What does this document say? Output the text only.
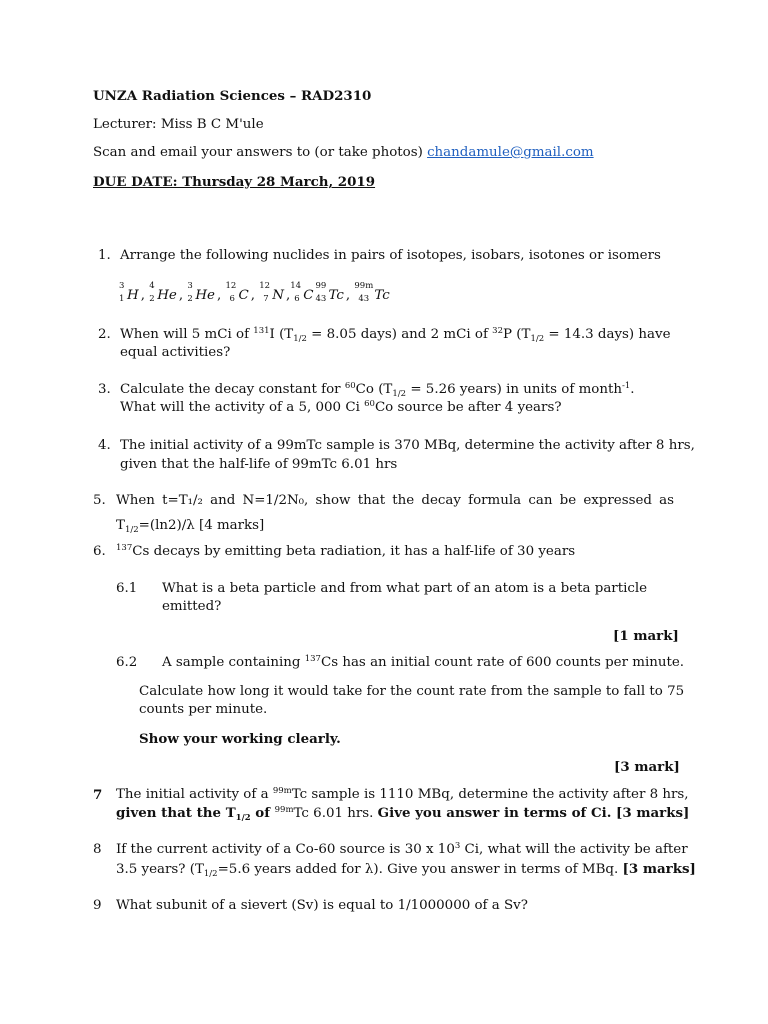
UNZA Radiation Sciences – RAD2310
Lecturer: Miss B C M'ule
Scan and email your answers to (or take photos) chandamule@gmail.com
DUE DATE: Thursday 28 March, 2019
1. Arrange the following nuclides in pairs of isotopes, isobars, isotones or isomers
3
1 H ,
4
2 He ,
3
2 He ,
12
6 C ,
12
7 N ,
14
6 C
99
43 Tc ,
99m
43 Tc
2. When will 5 mCi of $^{131}$I ($T_{1/2} = 8.05$ days) and 2 mCi of $^{32}$P ($T_{1/2} = 14.3$ days) have
equal activities?
3. Calculate the decay constant for $^{60}$Co ($T_{1/2} = 5.26$ years) in units of month$^{-1}$.
What will the activity of a 5, 000 Ci $^{60}$Co source be after 4 years?
4. The initial activity of a 99mTc sample is 370 MBq, determine the activity after 8 hrs,
given that the half-life of 99mTc 6.01 hrs
5. When t=T₁/₂ and N=1/2N₀, show that the decay formula can be expressed as
$T_{1/2}=(\ln 2)/\lambda$ [4 marks]
6. $^{137}$Cs decays by emitting beta radiation, it has a half-life of 30 years
6.1 What is a beta particle and from what part of an atom is a beta particle
emitted?
[1 mark]
6.2 A sample containing $^{137}$Cs has an initial count rate of 600 counts per minute.
Calculate how long it would take for the count rate from the sample to fall to 75
counts per minute.
Show your working clearly.
[3 mark]
7 The initial activity of a $^{99m}$Tc sample is 1110 MBq, determine the activity after 8 hrs,
given that the $T_{1/2}$ of $^{99m}$Tc 6.01 hrs. Give you answer in terms of Ci. [3 marks]
8 If the current activity of a Co-60 source is 30 x $10^3$ Ci, what will the activity be after
3.5 years? ($T_{1/2}=5.6$ years added for λ). Give you answer in terms of MBq. [3 marks]
9 What subunit of a sievert (Sv) is equal to 1/1000000 of a Sv?
